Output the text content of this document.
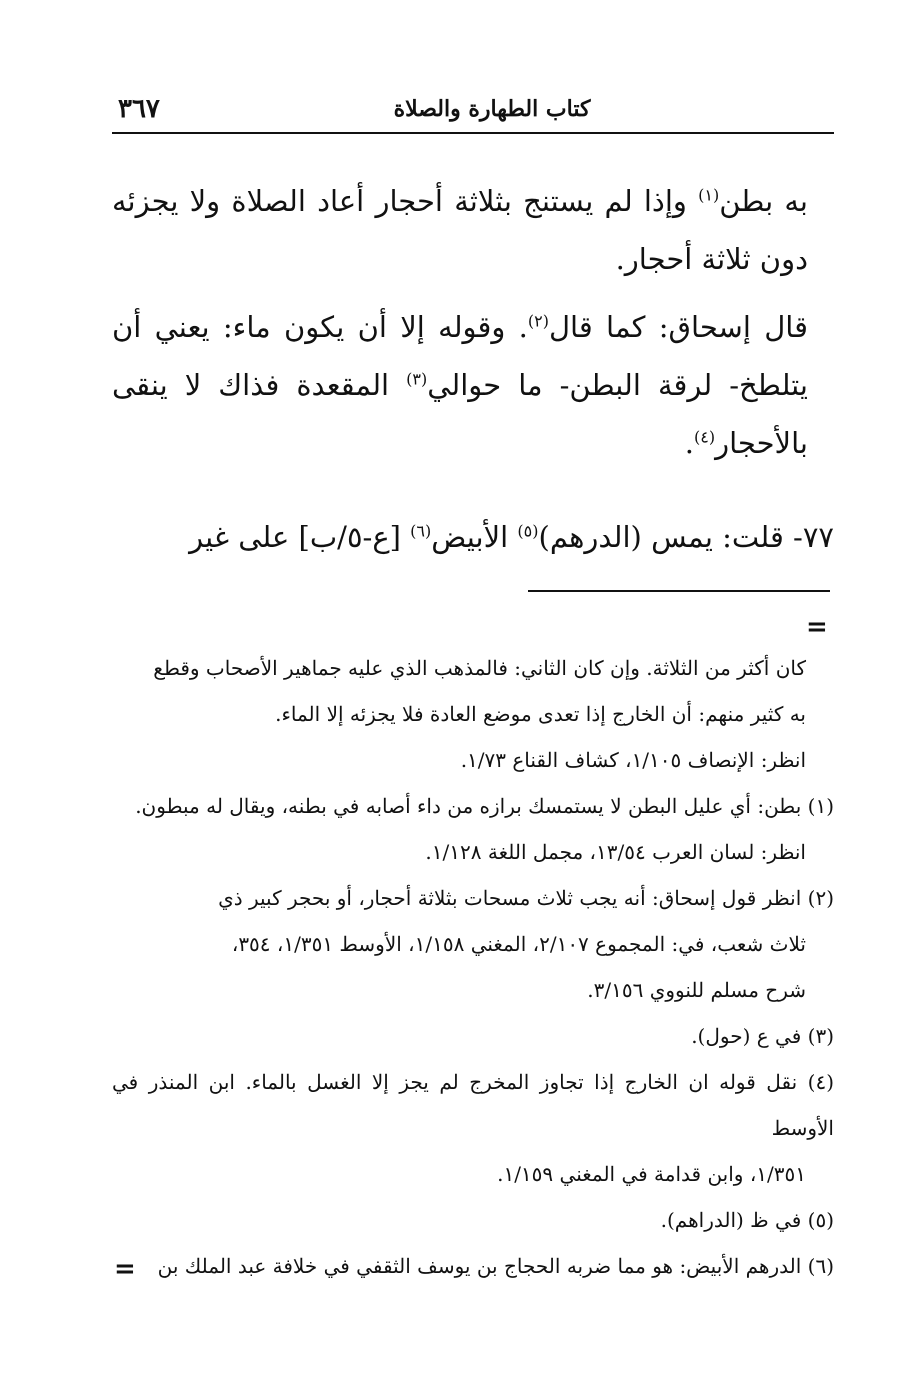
٣٦٧	كتاب الطهارة والصلاة

به بطن$^{(١)}$ وإذا لم يستنج بثلاثة أحجار أعاد الصلاة ولا يجزئه دون ثلاثة أحجار.

قال إسحاق: كما قال$^{(٢)}$. وقوله إلا أن يكون ماء: يعني أن يتلطخ- لرقة البطن- ما حوالي$^{(٣)}$ المقعدة فذاك لا ينقى بالأحجار$^{(٤)}$.

٧٧- قلت: يمس (الدرهم)$^{(٥)}$ الأبيض$^{(٦)}$ [ع-٥/ب] على غير
=
كان أكثر من الثلاثة. وإن كان الثاني: فالمذهب الذي عليه جماهير الأصحاب وقطع
به كثير منهم: أن الخارج إذا تعدى موضع العادة فلا يجزئه إلا الماء.
انظر: الإنصاف ١/١٠٥، كشاف القناع ١/٧٣.
(١) بطن: أي عليل البطن لا يستمسك برازه من داء أصابه في بطنه، ويقال له مبطون.
انظر: لسان العرب ١٣/٥٤، مجمل اللغة ١/١٢٨.
(٢) انظر قول إسحاق: أنه يجب ثلاث مسحات بثلاثة أحجار، أو بحجر كبير ذي
ثلاث شعب، في: المجموع ٢/١٠٧، المغني ١/١٥٨، الأوسط ١/٣٥١، ٣٥٤،
شرح مسلم للنووي ٣/١٥٦.
(٣) في ع (حول).
(٤) نقل قوله ان الخارج إذا تجاوز المخرج لم يجز إلا الغسل بالماء. ابن المنذر في الأوسط
١/٣٥١، وابن قدامة في المغني ١/١٥٩.
(٥) في ظ (الدراهم).
(٦) الدرهم الأبيض: هو مما ضربه الحجاج بن يوسف الثقفي في خلافة عبد الملك بن
=
